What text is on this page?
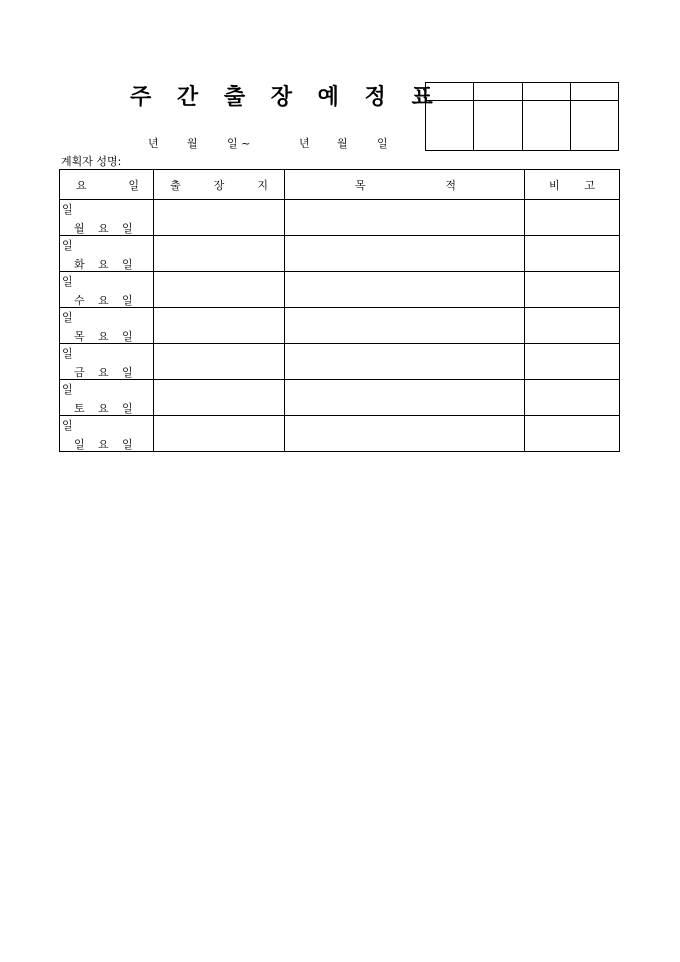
주 간 출 장 예 정 표

년	월	일 ~	년 월	일
계획자 성명:
요 일	출 장 지	목 적	비 고

일
월 요 일			

일
화 요 일			

일
수 요 일			

일
목 요 일			

일
금 요 일			

일
토 요 일			

일
일 요 일			
